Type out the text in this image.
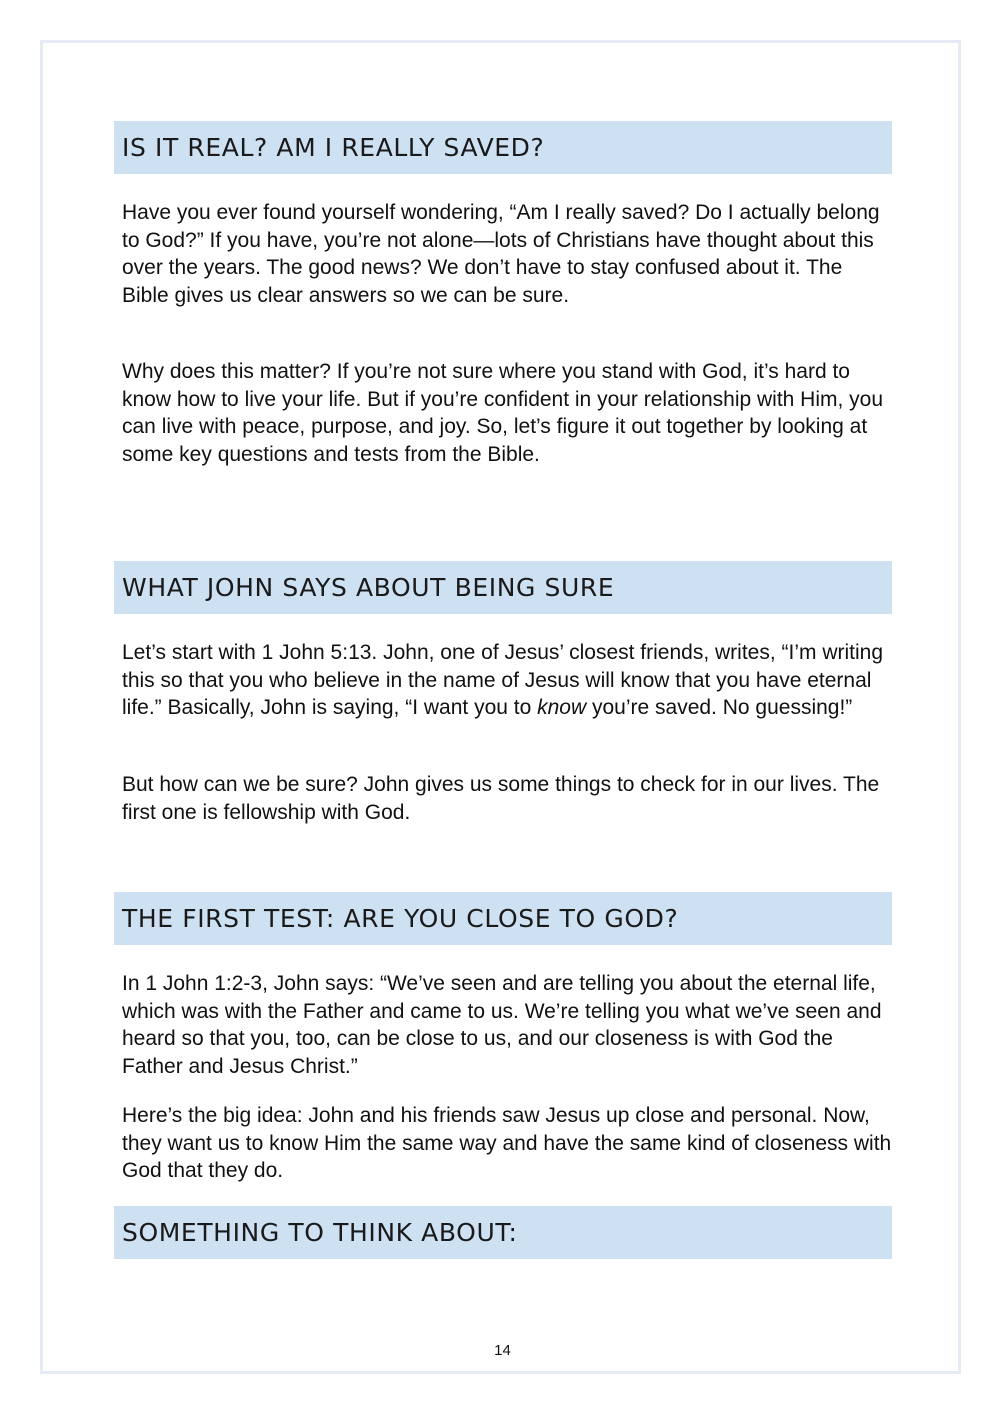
IS IT REAL? AM I REALLY SAVED?

Have you ever found yourself wondering, “Am I really saved? Do I actually belong to God?” If you have, you’re not alone—lots of Christians have thought about this over the years. The good news? We don’t have to stay confused about it. The Bible gives us clear answers so we can be sure.

Why does this matter? If you’re not sure where you stand with God, it’s hard to know how to live your life. But if you’re confident in your relationship with Him, you can live with peace, purpose, and joy. So, let’s figure it out together by looking at some key questions and tests from the Bible.

WHAT JOHN SAYS ABOUT BEING SURE

Let’s start with 1 John 5:13. John, one of Jesus’ closest friends, writes, “I’m writing this so that you who believe in the name of Jesus will know that you have eternal life.” Basically, John is saying, “I want you to know you’re saved. No guessing!”

But how can we be sure? John gives us some things to check for in our lives. The first one is fellowship with God.

THE FIRST TEST: ARE YOU CLOSE TO GOD?

In 1 John 1:2-3, John says: “We’ve seen and are telling you about the eternal life, which was with the Father and came to us. We’re telling you what we’ve seen and heard so that you, too, can be close to us, and our closeness is with God the Father and Jesus Christ.”

Here’s the big idea: John and his friends saw Jesus up close and personal. Now, they want us to know Him the same way and have the same kind of closeness with God that they do.

SOMETHING TO THINK ABOUT:
14
